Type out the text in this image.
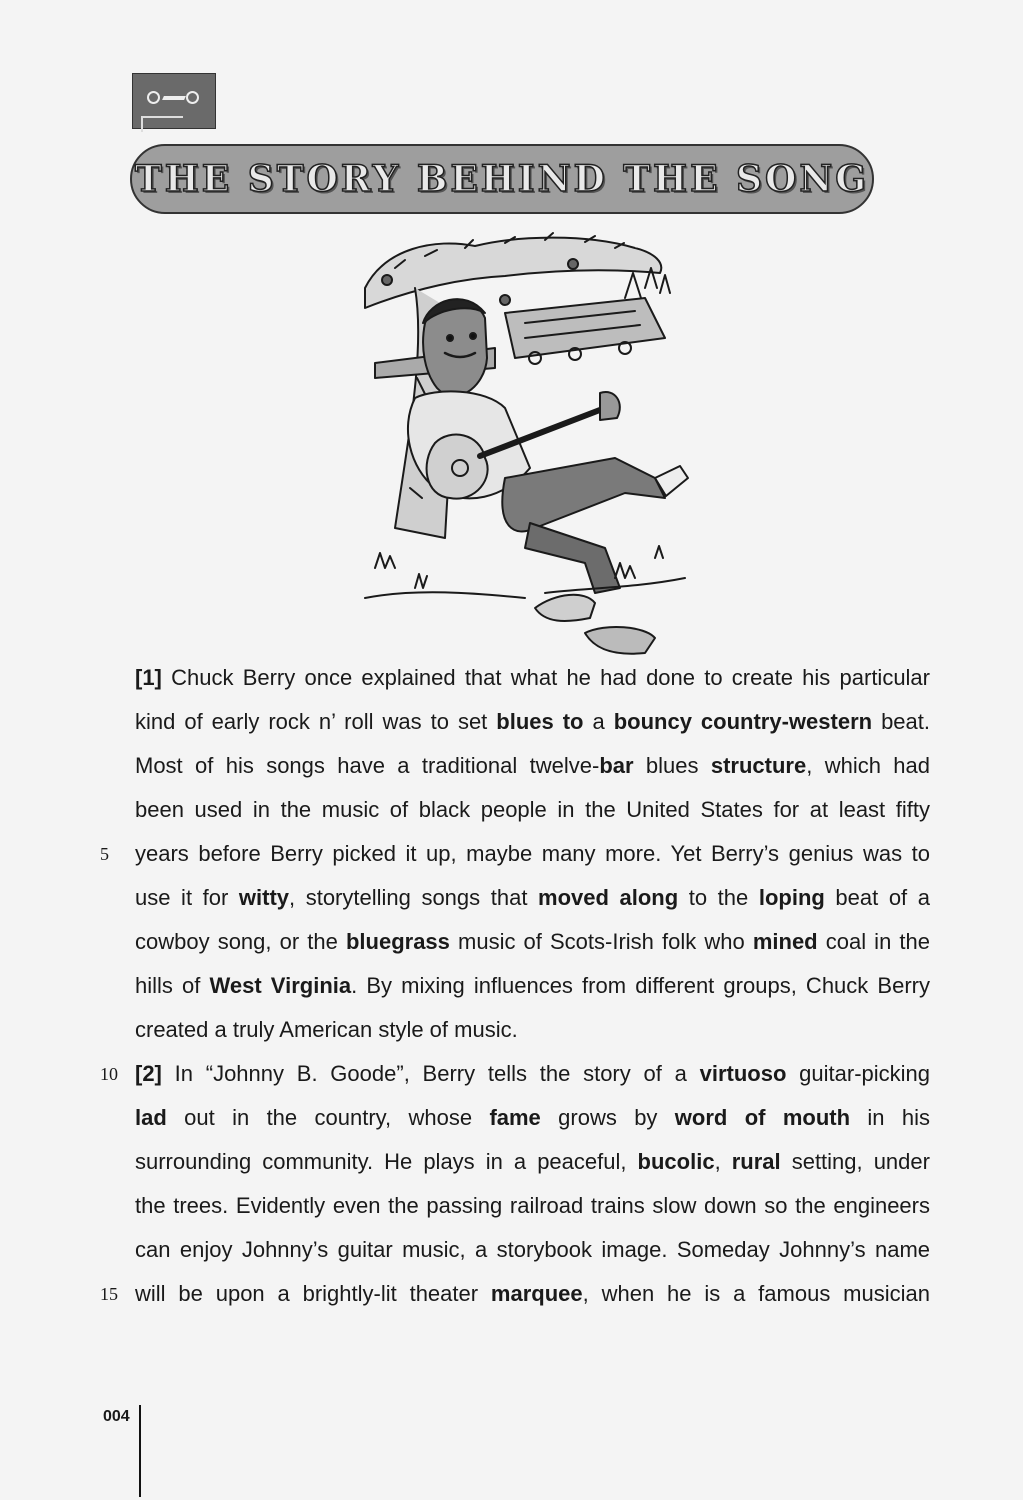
THE STORY BEHIND THE SONG
[1] Chuck Berry once explained that what he had done to create his particular
kind of early rock n’ roll was to set blues to a bouncy country-western beat.
Most of his songs have a traditional twelve-bar blues structure, which had
been used in the music of black people in the United States for at least fifty
years before Berry picked it up, maybe many more. Yet Berry’s genius was to
use it for witty, storytelling songs that moved along to the loping beat of a
cowboy song, or the bluegrass music of Scots-Irish folk who mined coal in the
hills of West Virginia. By mixing influences from different groups, Chuck Berry
created a truly American style of music.
[2] In “Johnny B. Goode”, Berry tells the story of a virtuoso guitar-picking
lad out in the country, whose fame grows by word of mouth in his
surrounding community. He plays in a peaceful, bucolic, rural setting, under
the trees. Evidently even the passing railroad trains slow down so the engineers
can enjoy Johnny’s guitar music, a storybook image. Someday Johnny’s name
will be upon a brightly-lit theater marquee, when he is a famous musician
5
10
15
004
